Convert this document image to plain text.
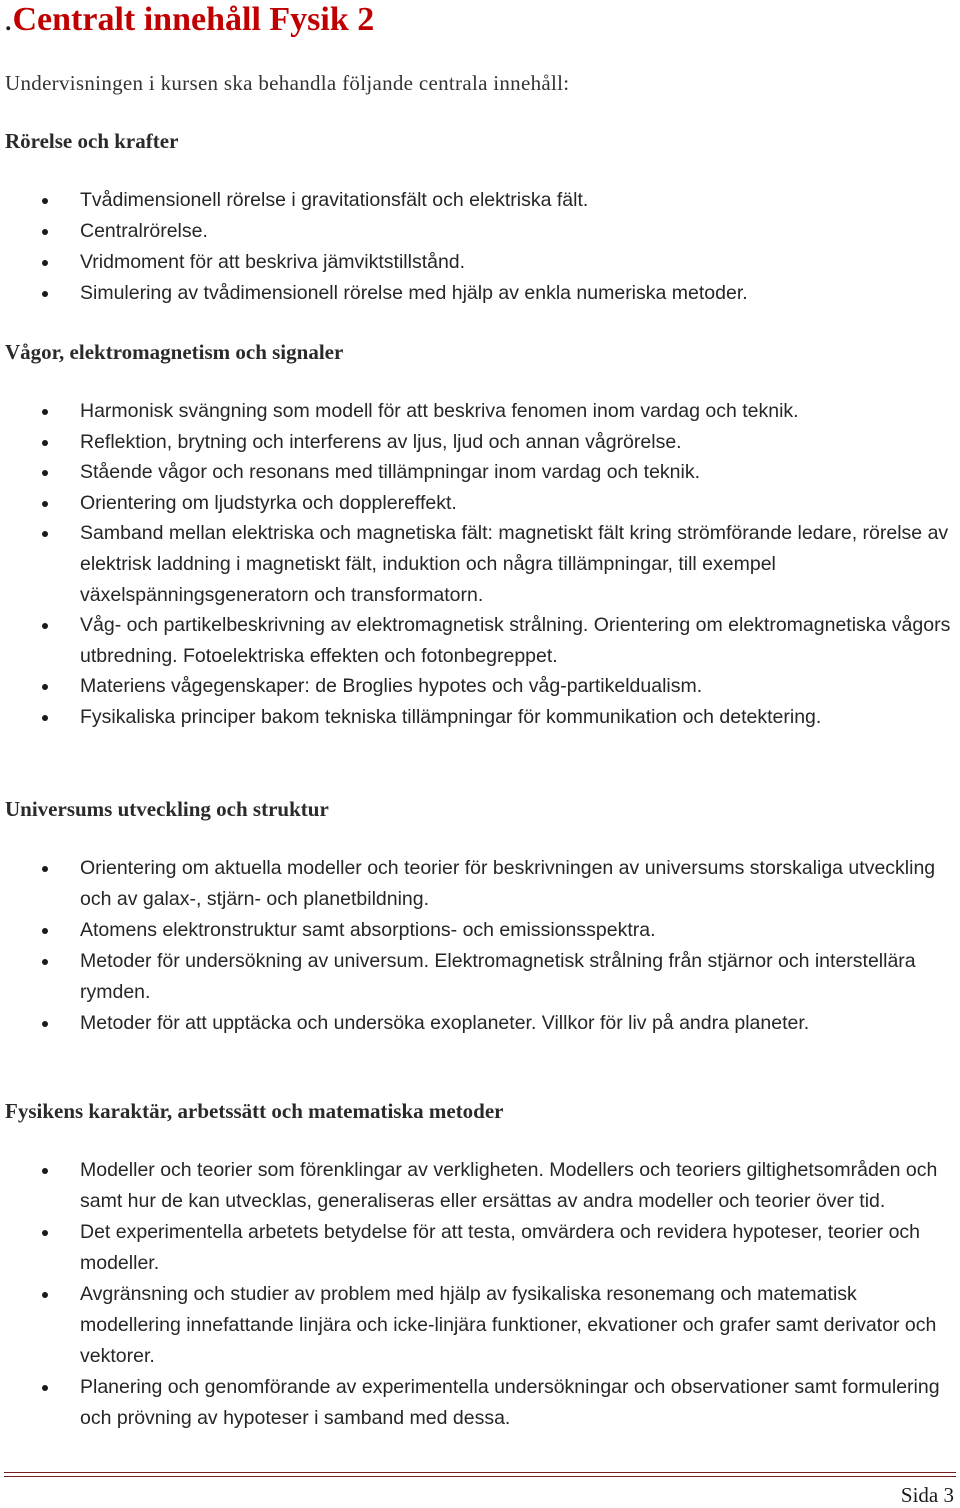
.Centralt innehåll Fysik 2

Undervisningen i kursen ska behandla följande centrala innehåll:

Rörelse och krafter
Tvådimensionell rörelse i gravitationsfält och elektriska fält.
Centralrörelse.
Vridmoment för att beskriva jämviktstillstånd.
Simulering av tvådimensionell rörelse med hjälp av enkla numeriska metoder.
Vågor, elektromagnetism och signaler
Harmonisk svängning som modell för att beskriva fenomen inom vardag och teknik.
Reflektion, brytning och interferens av ljus, ljud och annan vågrörelse.
Stående vågor och resonans med tillämpningar inom vardag och teknik.
Orientering om ljudstyrka och dopplereffekt.
Samband mellan elektriska och magnetiska fält: magnetiskt fält kring strömförande ledare, rörelse av elektrisk laddning i magnetiskt fält, induktion och några tillämpningar, till exempel växelspänningsgeneratorn och transformatorn.
Våg- och partikelbeskrivning av elektromagnetisk strålning. Orientering om elektromagnetiska vågors utbredning. Fotoelektriska effekten och fotonbegreppet.
Materiens vågegenskaper: de Broglies hypotes och våg-partikeldualism.
Fysikaliska principer bakom tekniska tillämpningar för kommunikation och detektering.
Universums utveckling och struktur
Orientering om aktuella modeller och teorier för beskrivningen av universums storskaliga utveckling och av galax-, stjärn- och planetbildning.
Atomens elektronstruktur samt absorptions- och emissionsspektra.
Metoder för undersökning av universum. Elektromagnetisk strålning från stjärnor och interstellära rymden.
Metoder för att upptäcka och undersöka exoplaneter. Villkor för liv på andra planeter.
Fysikens karaktär, arbetssätt och matematiska metoder
Modeller och teorier som förenklingar av verkligheten. Modellers och teoriers giltighetsområden och samt hur de kan utvecklas, generaliseras eller ersättas av andra modeller och teorier över tid.
Det experimentella arbetets betydelse för att testa, omvärdera och revidera hypoteser, teorier och modeller.
Avgränsning och studier av problem med hjälp av fysikaliska resonemang och matematisk modellering innefattande linjära och icke-linjära funktioner, ekvationer och grafer samt derivator och vektorer.
Planering och genomförande av experimentella undersökningar och observationer samt formulering och prövning av hypoteser i samband med dessa.
Sida 3
